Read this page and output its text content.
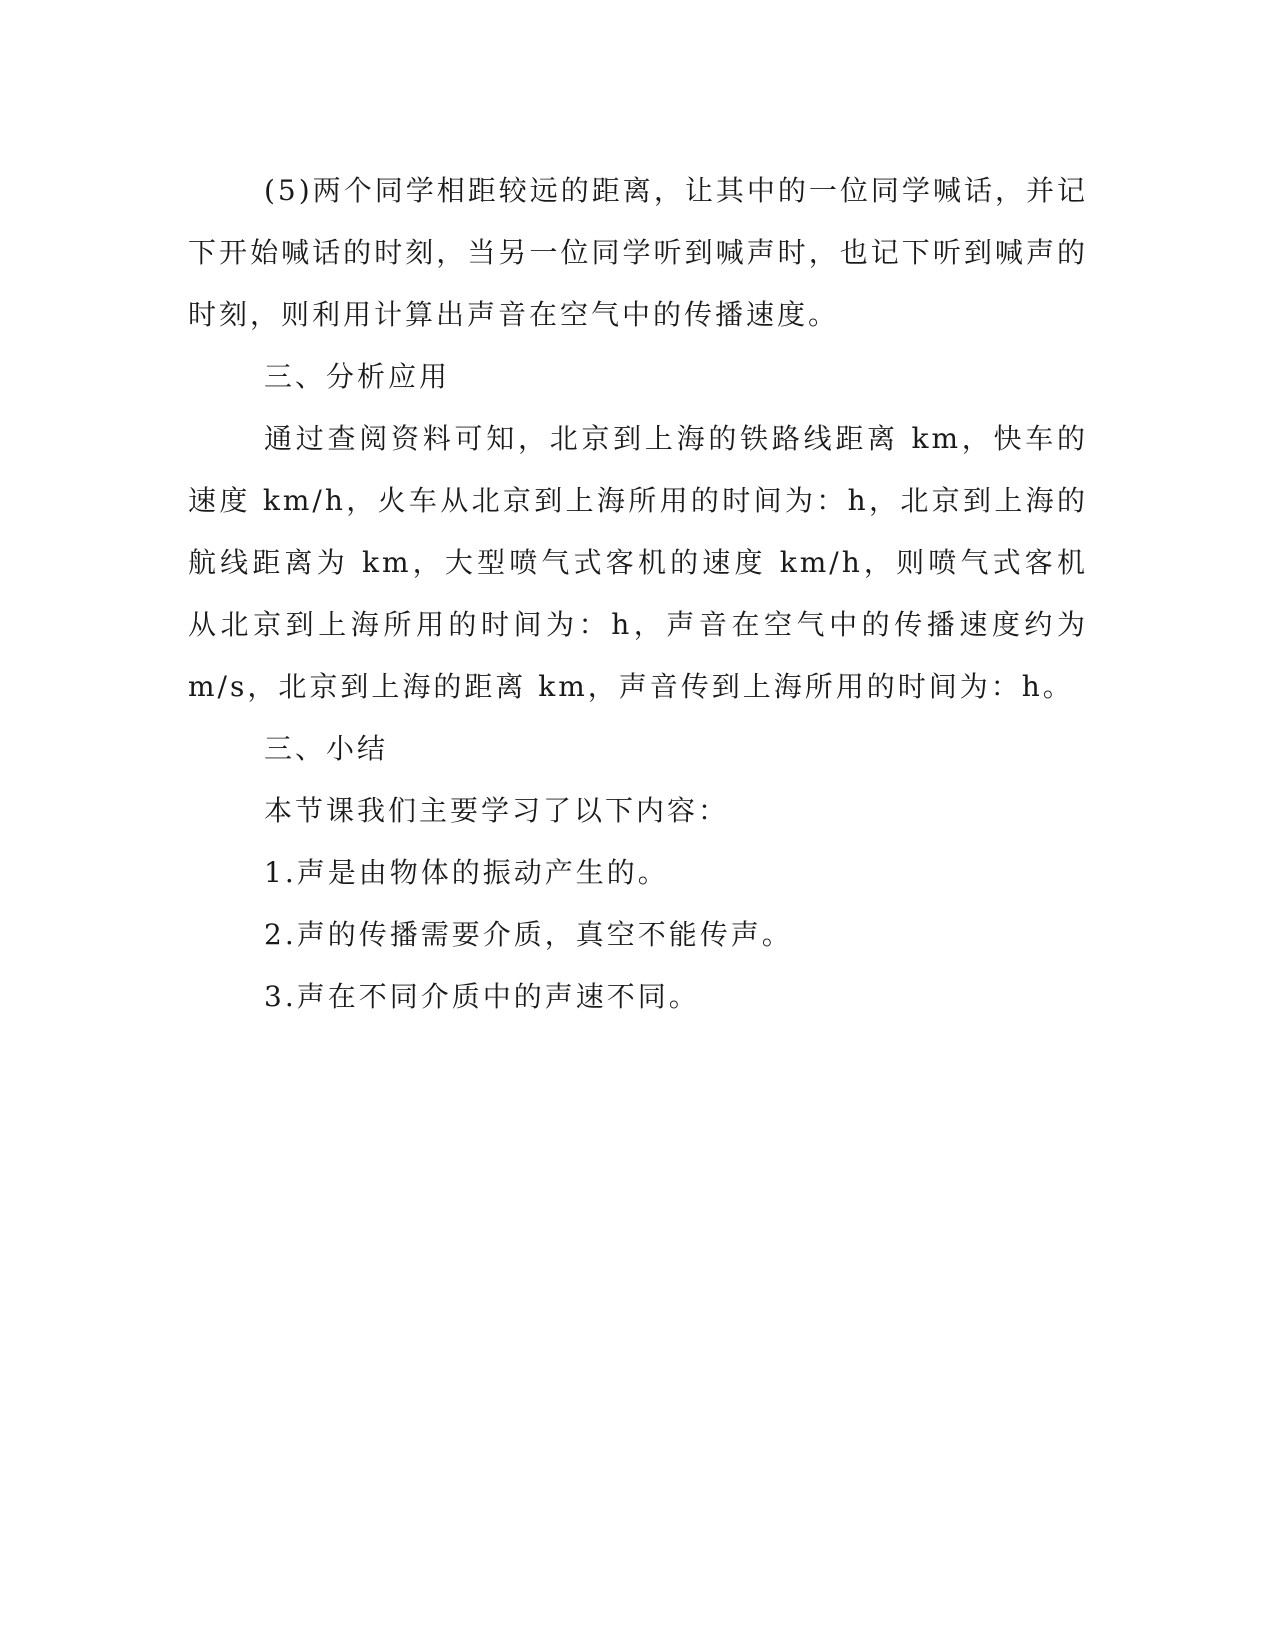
(5)两个同学相距较远的距离，让其中的一位同学喊话，并记下开始喊话的时刻，当另一位同学听到喊声时，也记下听到喊声的时刻，则利用计算出声音在空气中的传播速度。

三、分析应用

通过查阅资料可知，北京到上海的铁路线距离 km，快车的速度 km/h，火车从北京到上海所用的时间为：h，北京到上海的航线距离为 km，大型喷气式客机的速度 km/h，则喷气式客机从北京到上海所用的时间为：h，声音在空气中的传播速度约为 m/s，北京到上海的距离 km，声音传到上海所用的时间为：h。

三、小结

本节课我们主要学习了以下内容：

1.声是由物体的振动产生的。

2.声的传播需要介质，真空不能传声。

3.声在不同介质中的声速不同。
